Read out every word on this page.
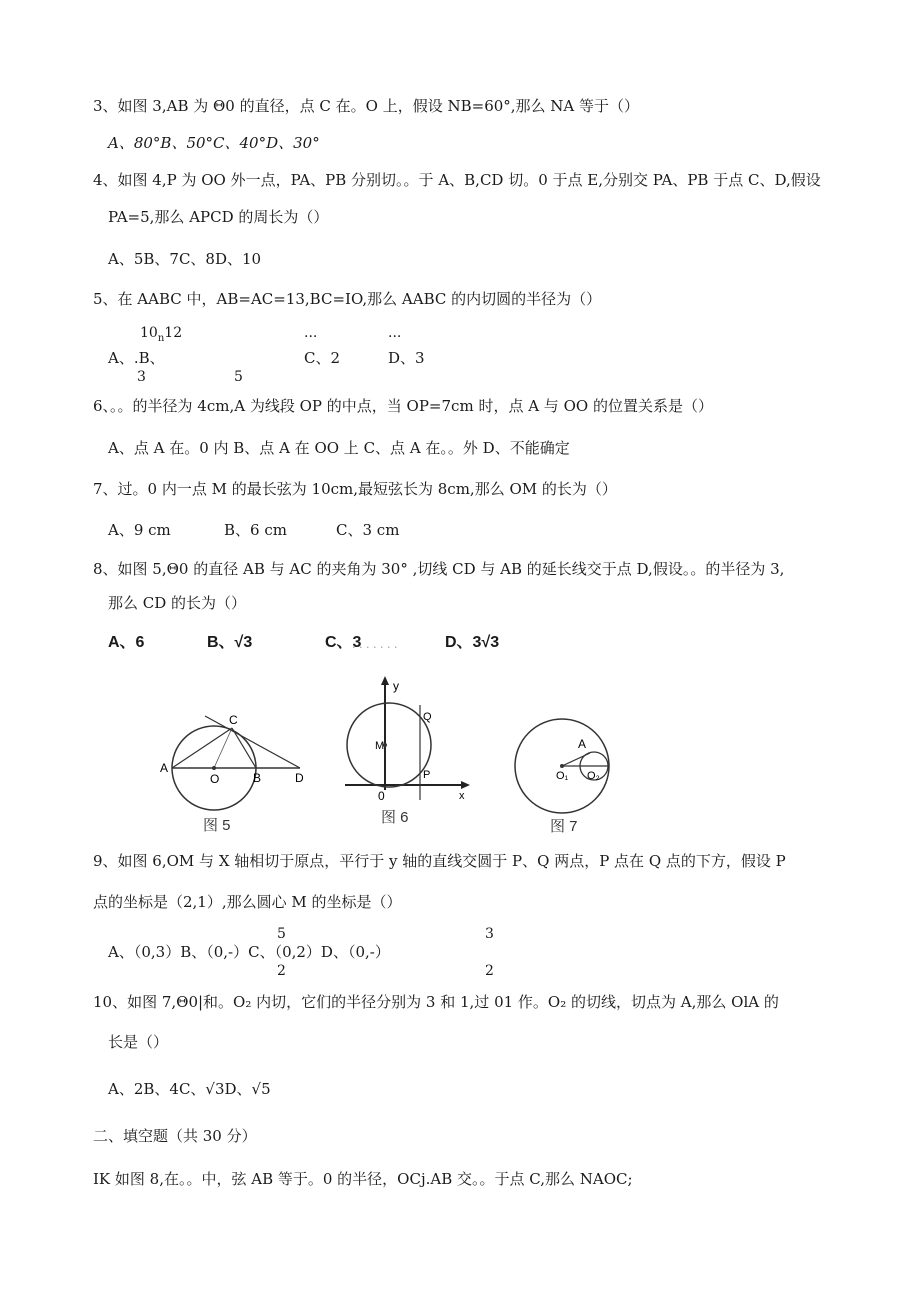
3、如图 3,AB 为 Θ0 的直径，点 C 在。O 上，假设 NB=60°,那么 NA 等于（）
A、80°B、50°C、40°D、30°
4、如图 4,P 为 OO 外一点，PA、PB 分别切。。于 A、B,CD 切。0 于点 E,分别交 PA、PB 于点 C、D,假设
PA=5,那么 APCD 的周长为（）
A、5B、7C、8D、10
5、在 AABC 中，AB=AC=13,BC=IO,那么 AABC 的内切圆的半径为（）
$10_n12$	...	...
A、.B、	C、2	D、3
3	5
6、。。的半径为 4cm,A 为线段 OP 的中点，当 OP=7cm 时，点 A 与 OO 的位置关系是（）
A、点 A 在。0 内 B、点 A 在 OO 上 C、点 A 在。。外 D、不能确定
7、过。0 内一点 M 的最长弦为 10cm,最短弦长为 8cm,那么 OM 的长为（）
A、9 cm	B、6 cm	C、3 cm
8、如图 5,Θ0 的直径 AB 与 AC 的夹角为 30° ,切线 CD 与 AB 的延长线交于点 D,假设。。的半径为 3,
那么 CD 的长为（）
A、6	B、√3	C、3
. . . . . . .	D、3√3
C
A
O	B	D
图 5
y
Q
M
P
0	x
图 6
A
O₁ O₂
图 7
9、如图 6,OM 与 X 轴相切于原点，平行于 y 轴的直线交圆于 P、Q 两点，P 点在 Q 点的下方，假设 P
点的坐标是（2,1）,那么圆心 M 的坐标是（）
5	3
A、（0,3）B、（0,-）C、（0,2）D、（0,-）
2	2
10、如图 7,Θ0|和。O₂ 内切，它们的半径分别为 3 和 1,过 01 作。O₂ 的切线，切点为 A,那么 OlA 的
长是（）
A、2B、4C、√3D、√5
二、填空题（共 30 分）
IK 如图 8,在。。中，弦 AB 等于。0 的半径，OCj.AB 交。。于点 C,那么 NAOC;
